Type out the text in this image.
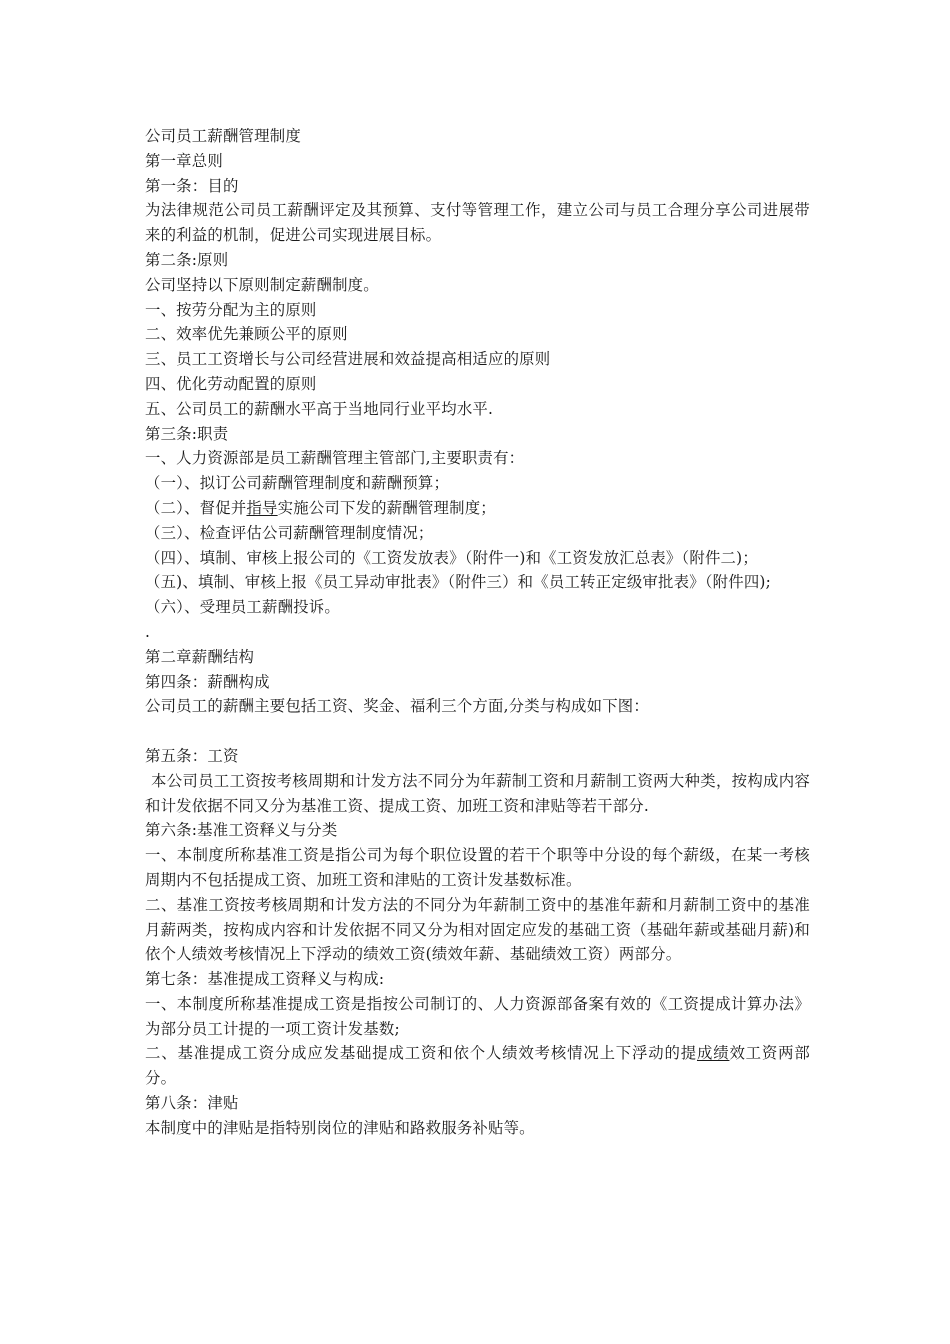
公司员工薪酬管理制度

第一章总则

第一条：目的

为法律规范公司员工薪酬评定及其预算、支付等管理工作，建立公司与员工合理分享公司进展带来的利益的机制，促进公司实现进展目标。

第二条:原则

公司坚持以下原则制定薪酬制度。

一、按劳分配为主的原则

二、效率优先兼顾公平的原则

三、员工工资增长与公司经营进展和效益提高相适应的原则

四、优化劳动配置的原则

五、公司员工的薪酬水平高于当地同行业平均水平.

第三条:职责

一、人力资源部是员工薪酬管理主管部门,主要职责有：

（一）、拟订公司薪酬管理制度和薪酬预算；

（二）、督促并指导实施公司下发的薪酬管理制度；

（三）、检查评估公司薪酬管理制度情况；

（四）、填制、审核上报公司的《工资发放表》（附件一)和《工资发放汇总表》（附件二)；

（五)、填制、审核上报《员工异动审批表》（附件三）和《员工转正定级审批表》（附件四);

（六）、受理员工薪酬投诉。

.

第二章薪酬结构

第四条：薪酬构成

公司员工的薪酬主要包括工资、奖金、福利三个方面,分类与构成如下图：

第五条：工资

本公司员工工资按考核周期和计发方法不同分为年薪制工资和月薪制工资两大种类，按构成内容和计发依据不同又分为基准工资、提成工资、加班工资和津贴等若干部分.

第六条:基准工资释义与分类

一、本制度所称基准工资是指公司为每个职位设置的若干个职等中分设的每个薪级，在某一考核周期内不包括提成工资、加班工资和津贴的工资计发基数标准。

二、基准工资按考核周期和计发方法的不同分为年薪制工资中的基准年薪和月薪制工资中的基准月薪两类，按构成内容和计发依据不同又分为相对固定应发的基础工资（基础年薪或基础月薪)和依个人绩效考核情况上下浮动的绩效工资(绩效年薪、基础绩效工资）两部分。

第七条：基准提成工资释义与构成:

一、本制度所称基准提成工资是指按公司制订的、人力资源部备案有效的《工资提成计算办法》为部分员工计提的一项工资计发基数;

二、基准提成工资分成应发基础提成工资和依个人绩效考核情况上下浮动的提成绩效工资两部分。

第八条：津贴

本制度中的津贴是指特别岗位的津贴和路救服务补贴等。
